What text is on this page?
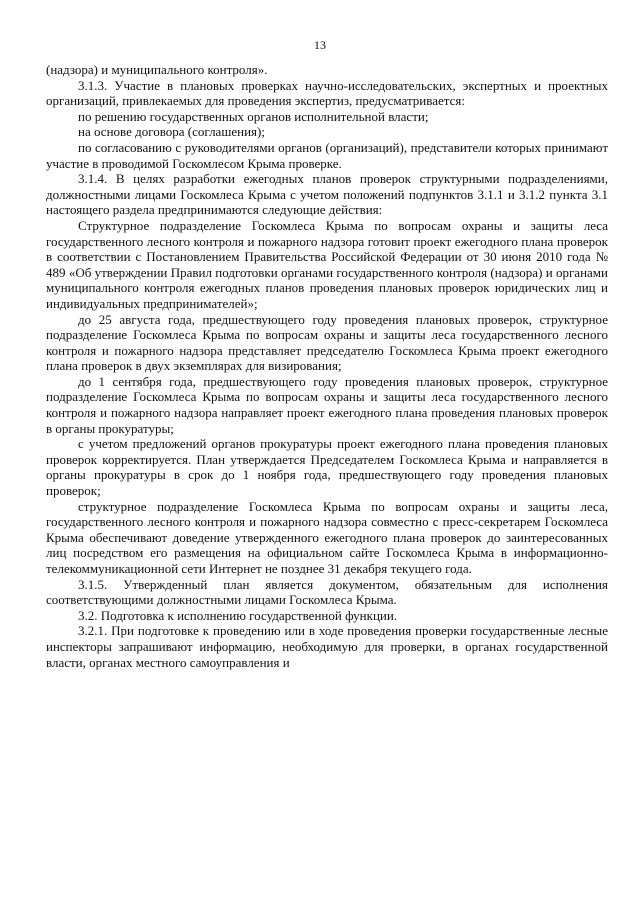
13

(надзора) и муниципального контроля».

3.1.3. Участие в плановых проверках научно-исследовательских, экспертных и проектных организаций, привлекаемых для проведения экспертиз, предусматривается:

по решению государственных органов исполнительной власти;

на основе договора (соглашения);

по согласованию с руководителями органов (организаций), представители которых принимают участие в проводимой Госкомлесом Крыма проверке.

3.1.4. В целях разработки ежегодных планов проверок структурными подразделениями, должностными лицами Госкомлеса Крыма с учетом положений подпунктов 3.1.1 и 3.1.2 пункта 3.1 настоящего раздела предпринимаются следующие действия:

Структурное подразделение Госкомлеса Крыма по вопросам охраны и защиты леса государственного лесного контроля и пожарного надзора готовит проект ежегодного плана проверок в соответствии с Постановлением Правительства Российской Федерации от 30 июня 2010 года № 489 «Об утверждении Правил подготовки органами государственного контроля (надзора) и органами муниципального контроля ежегодных планов проведения плановых проверок юридических лиц и индивидуальных предпринимателей»;

до 25 августа года, предшествующего году проведения плановых проверок, структурное подразделение Госкомлеса Крыма по вопросам охраны и защиты леса государственного лесного контроля и пожарного надзора представляет председателю Госкомлеса Крыма проект ежегодного плана проверок в двух экземплярах для визирования;

до 1 сентября года, предшествующего году проведения плановых проверок, структурное подразделение Госкомлеса Крыма по вопросам охраны и защиты леса государственного лесного контроля и пожарного надзора направляет проект ежегодного плана проведения плановых проверок в органы прокуратуры;

с учетом предложений органов прокуратуры проект ежегодного плана проведения плановых проверок корректируется. План утверждается Председателем Госкомлеса Крыма и направляется в органы прокуратуры в срок до 1 ноября года, предшествующего году проведения плановых проверок;

структурное подразделение Госкомлеса Крыма по вопросам охраны и защиты леса, государственного лесного контроля и пожарного надзора совместно с пресс-секретарем Госкомлеса Крыма обеспечивают доведение утвержденного ежегодного плана проверок до заинтересованных лиц посредством его размещения на официальном сайте Госкомлеса Крыма в информационно-телекоммуникационной сети Интернет не позднее 31 декабря текущего года.

3.1.5. Утвержденный план является документом, обязательным для исполнения соответствующими должностными лицами Госкомлеса Крыма.

3.2. Подготовка к исполнению государственной функции.

3.2.1. При подготовке к проведению или в ходе проведения проверки государственные лесные инспекторы запрашивают информацию, необходимую для проверки, в органах государственной власти, органах местного самоуправления и
